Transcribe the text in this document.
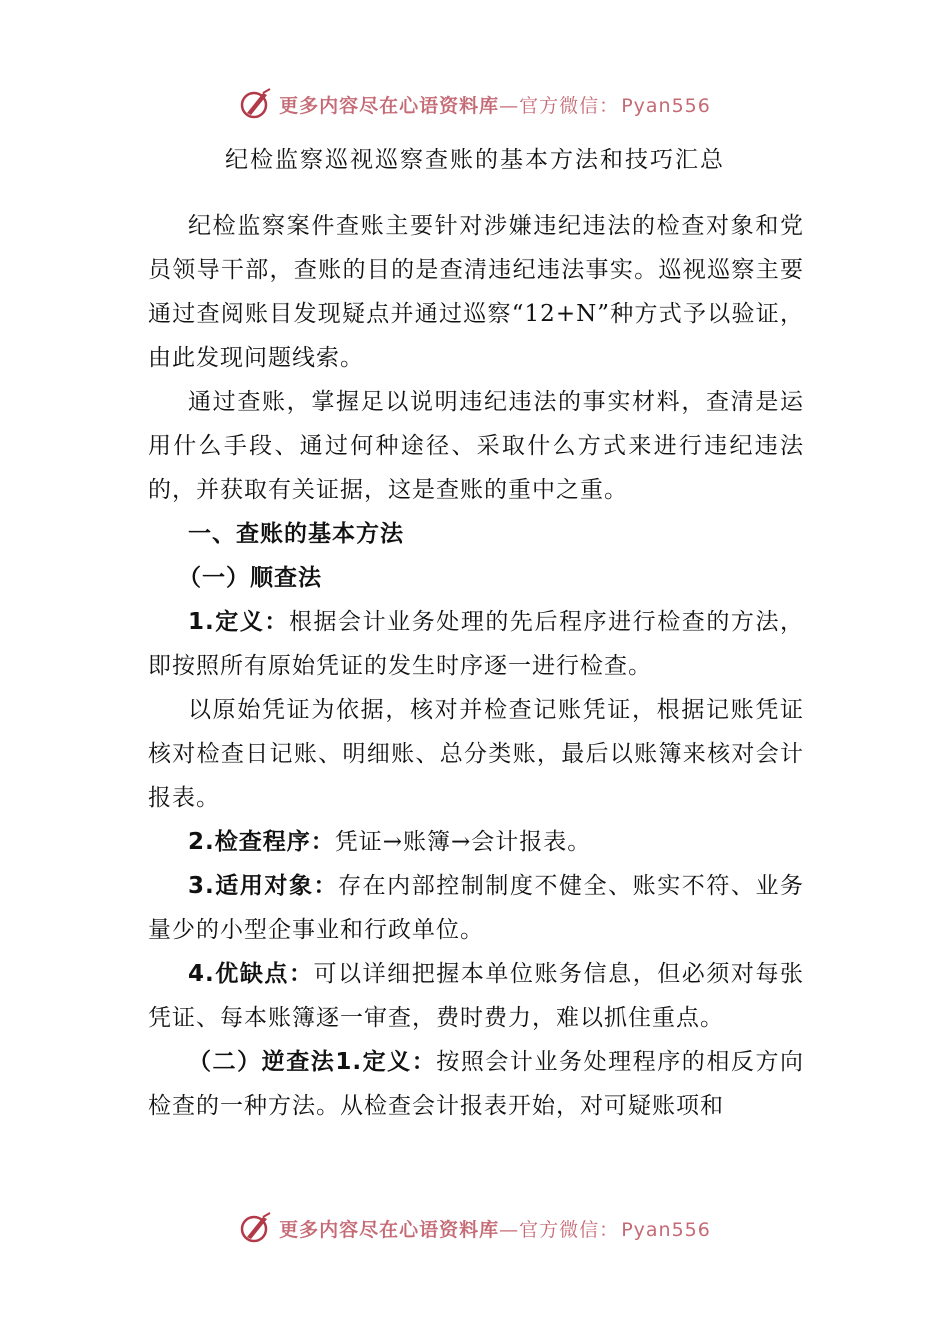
更多内容尽在心语资料库—官方微信： Pyan556
纪检监察巡视巡察查账的基本方法和技巧汇总

纪检监察案件查账主要针对涉嫌违纪违法的检查对象和党员领导干部，查账的目的是查清违纪违法事实。巡视巡察主要通过查阅账目发现疑点并通过巡察“12+N”种方式予以验证，由此发现问题线索。

通过查账，掌握足以说明违纪违法的事实材料，查清是运用什么手段、通过何种途径、采取什么方式来进行违纪违法的，并获取有关证据，这是查账的重中之重。

一、查账的基本方法

（一）顺查法

1.定义：根据会计业务处理的先后程序进行检查的方法，即按照所有原始凭证的发生时序逐一进行检查。

以原始凭证为依据，核对并检查记账凭证，根据记账凭证核对检查日记账、明细账、总分类账，最后以账簿来核对会计报表。

2.检查程序：凭证→账簿→会计报表。

3.适用对象：存在内部控制制度不健全、账实不符、业务量少的小型企事业和行政单位。

4.优缺点：可以详细把握本单位账务信息，但必须对每张凭证、每本账簿逐一审查，费时费力，难以抓住重点。

（二）逆查法1.定义：按照会计业务处理程序的相反方向检查的一种方法。从检查会计报表开始，对可疑账项和

更多内容尽在心语资料库—官方微信： Pyan556
